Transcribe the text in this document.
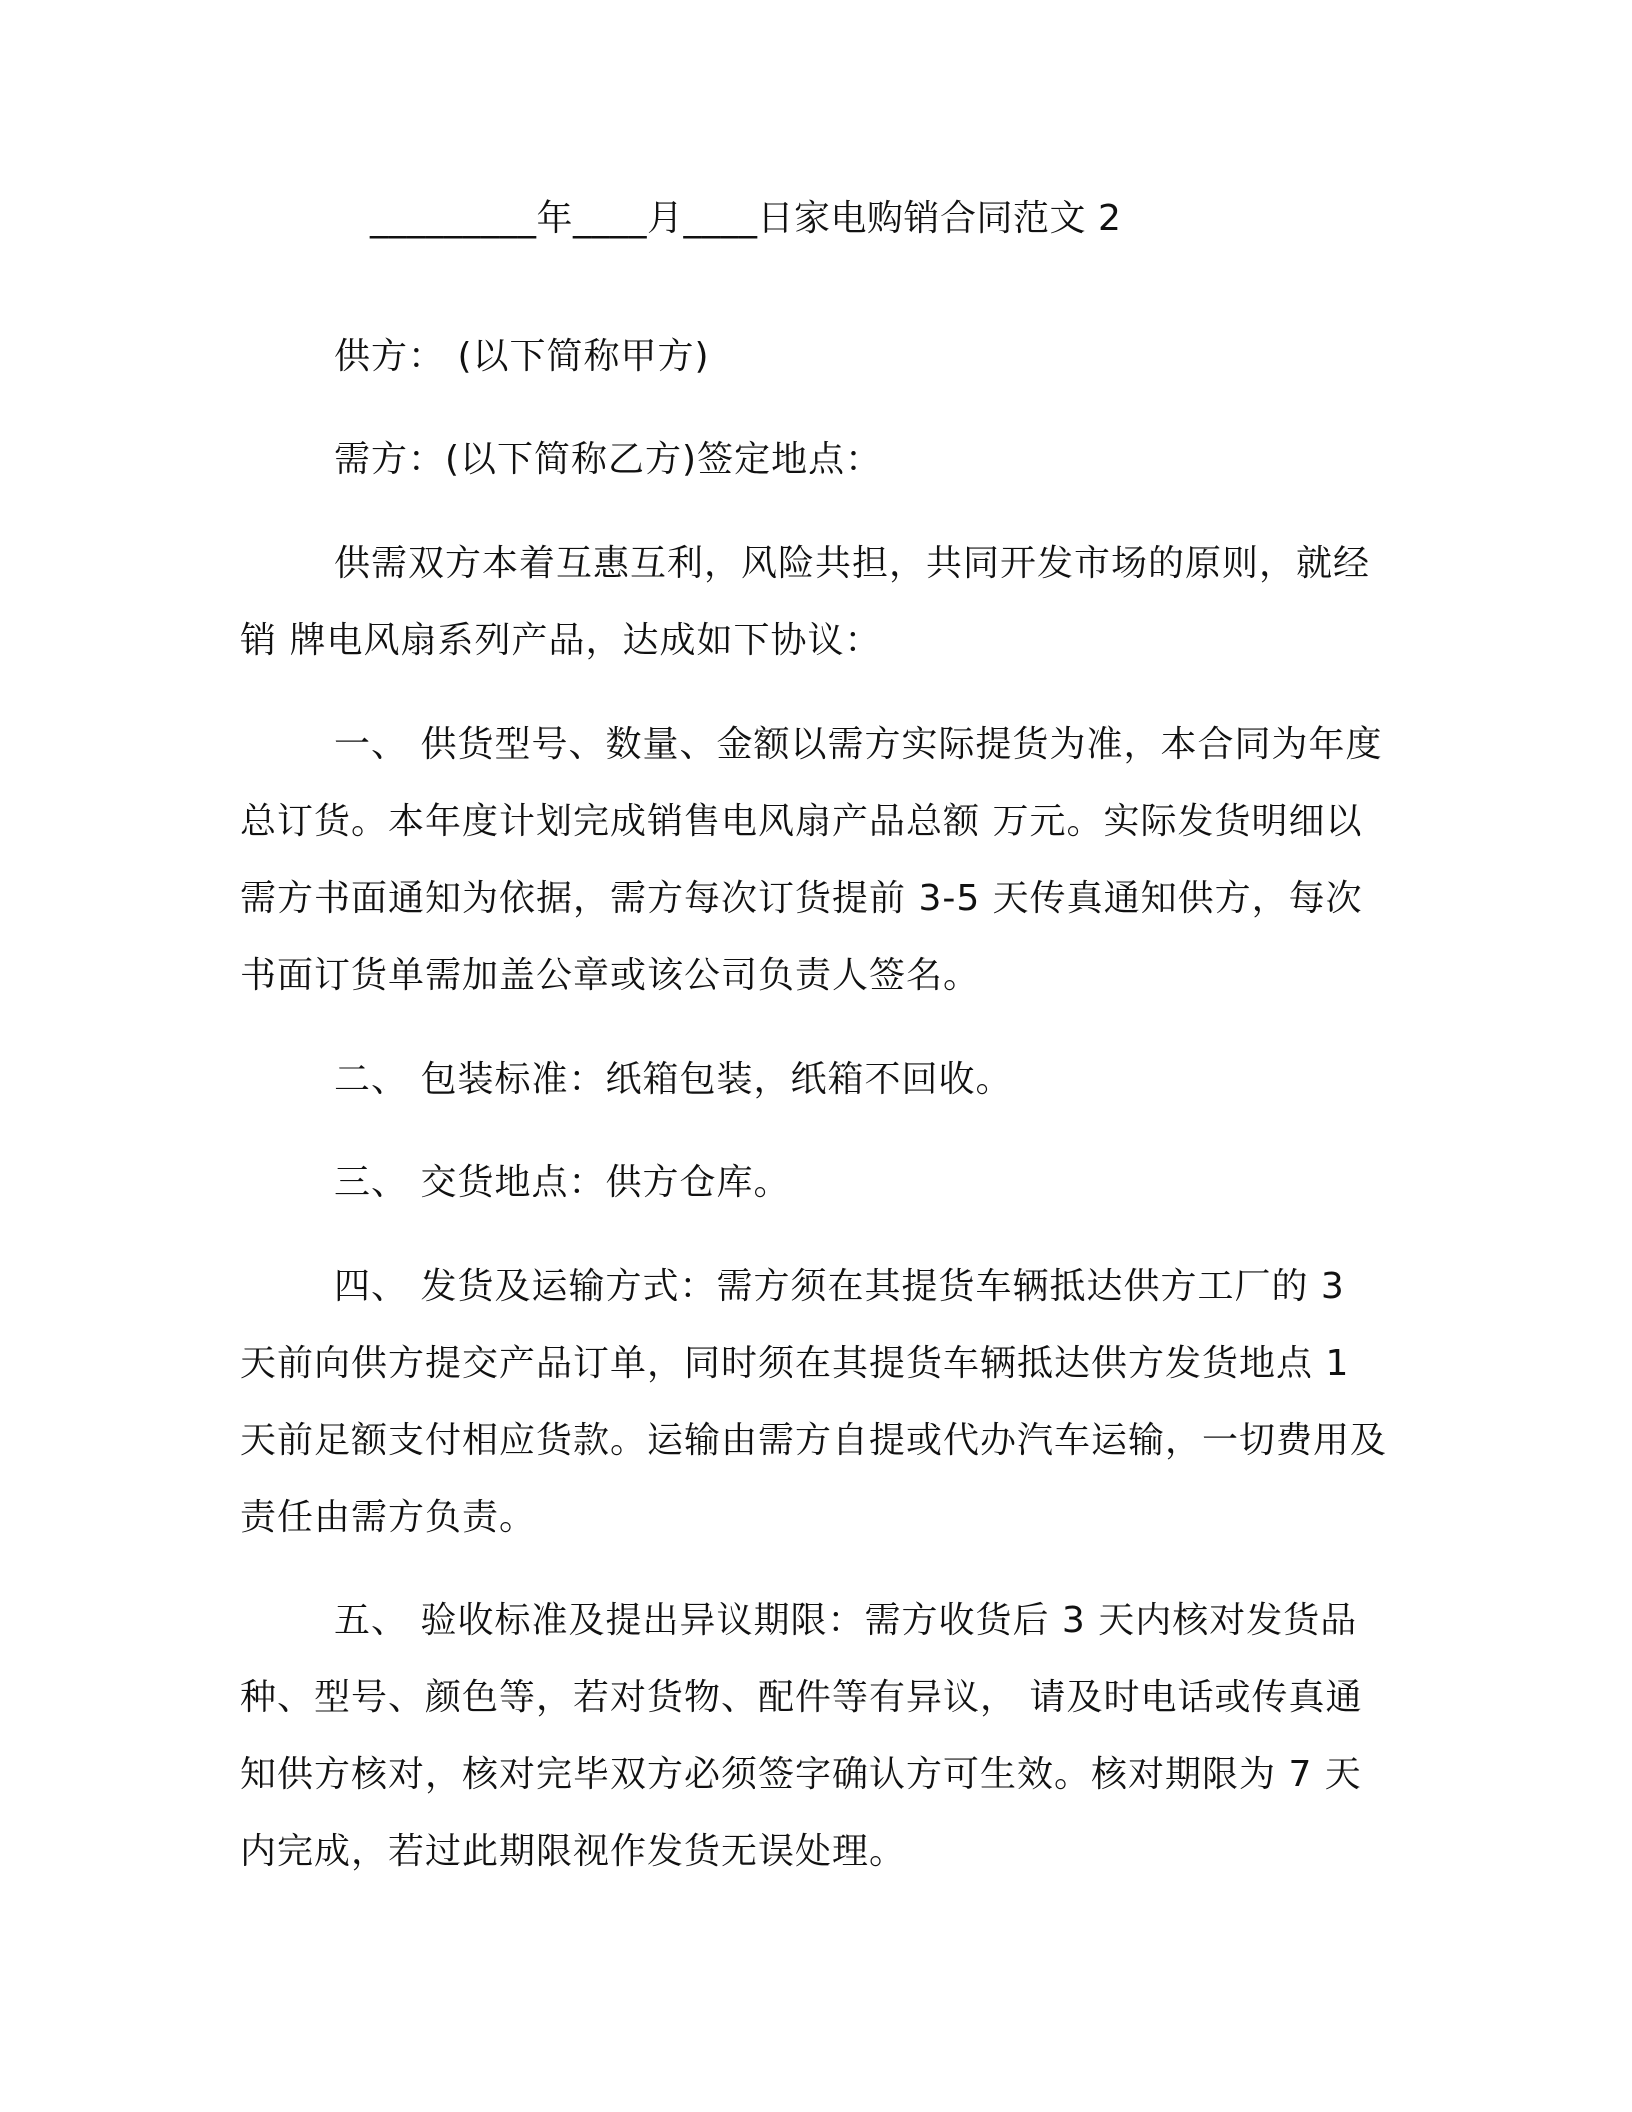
_________年____月____日家电购销合同范文 2

供方： (以下简称甲方)

需方：(以下简称乙方)签定地点：

供需双方本着互惠互利，风险共担，共同开发市场的原则，就经销 牌电风扇系列产品，达成如下协议：

一、 供货型号、数量、金额以需方实际提货为准，本合同为年度总订货。本年度计划完成销售电风扇产品总额 万元。实际发货明细以需方书面通知为依据，需方每次订货提前 3-5 天传真通知供方，每次书面订货单需加盖公章或该公司负责人签名。

二、 包装标准：纸箱包装，纸箱不回收。

三、 交货地点：供方仓库。

四、 发货及运输方式：需方须在其提货车辆抵达供方工厂的 3 天前向供方提交产品订单，同时须在其提货车辆抵达供方发货地点 1 天前足额支付相应货款。运输由需方自提或代办汽车运输，一切费用及责任由需方负责。

五、 验收标准及提出异议期限：需方收货后 3 天内核对发货品种、型号、颜色等，若对货物、配件等有异议， 请及时电话或传真通知供方核对，核对完毕双方必须签字确认方可生效。核对期限为 7 天内完成，若过此期限视作发货无误处理。
